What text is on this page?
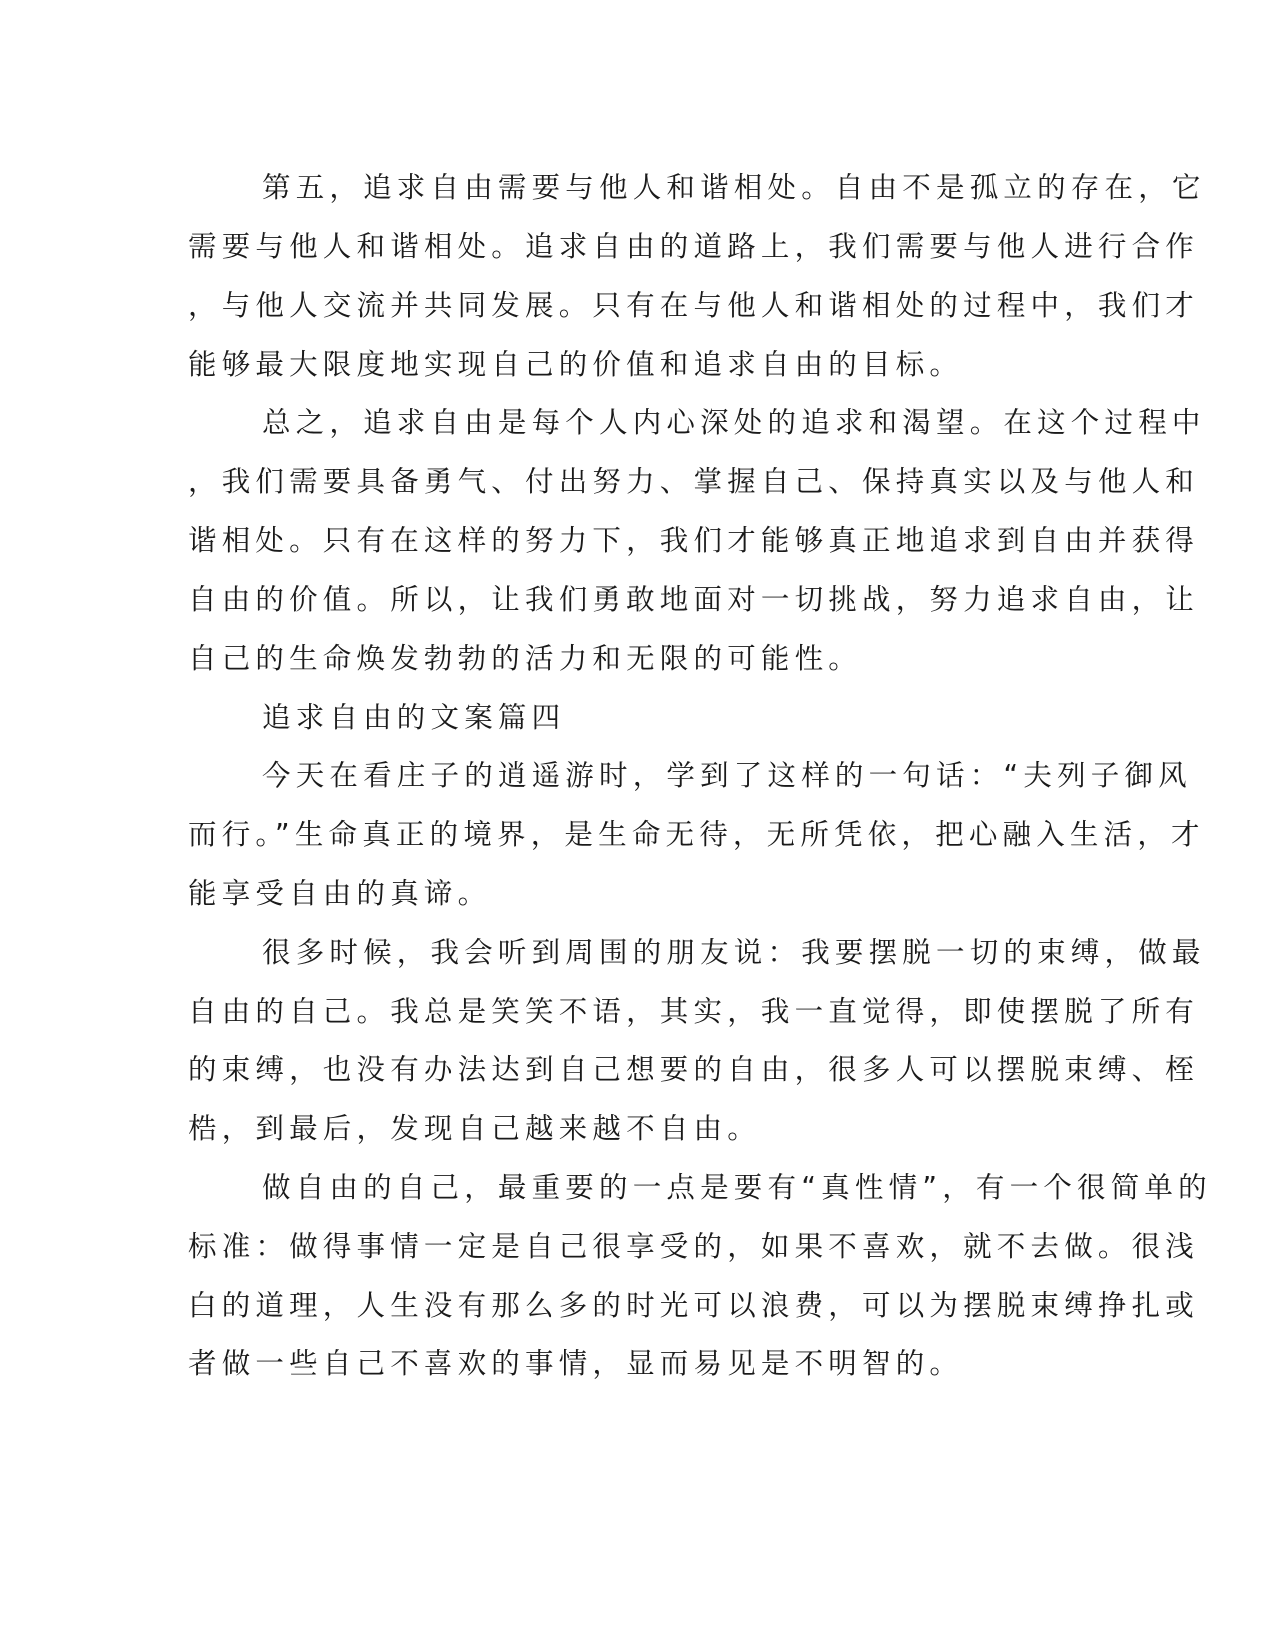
第五，追求自由需要与他人和谐相处。自由不是孤立的存在，它

需要与他人和谐相处。追求自由的道路上，我们需要与他人进行合作

，与他人交流并共同发展。只有在与他人和谐相处的过程中，我们才

能够最大限度地实现自己的价值和追求自由的目标。

总之，追求自由是每个人内心深处的追求和渴望。在这个过程中

，我们需要具备勇气、付出努力、掌握自己、保持真实以及与他人和

谐相处。只有在这样的努力下，我们才能够真正地追求到自由并获得

自由的价值。所以，让我们勇敢地面对一切挑战，努力追求自由，让

自己的生命焕发勃勃的活力和无限的可能性。

追求自由的文案篇四

今天在看庄子的逍遥游时，学到了这样的一句话：“夫列子御风

而行。”生命真正的境界，是生命无待，无所凭依，把心融入生活，才

能享受自由的真谛。

很多时候，我会听到周围的朋友说：我要摆脱一切的束缚，做最

自由的自己。我总是笑笑不语，其实，我一直觉得，即使摆脱了所有

的束缚，也没有办法达到自己想要的自由，很多人可以摆脱束缚、桎

梏，到最后，发现自己越来越不自由。

做自由的自己，最重要的一点是要有“真性情”，有一个很简单的

标准：做得事情一定是自己很享受的，如果不喜欢，就不去做。很浅

白的道理，人生没有那么多的时光可以浪费，可以为摆脱束缚挣扎或

者做一些自己不喜欢的事情，显而易见是不明智的。
